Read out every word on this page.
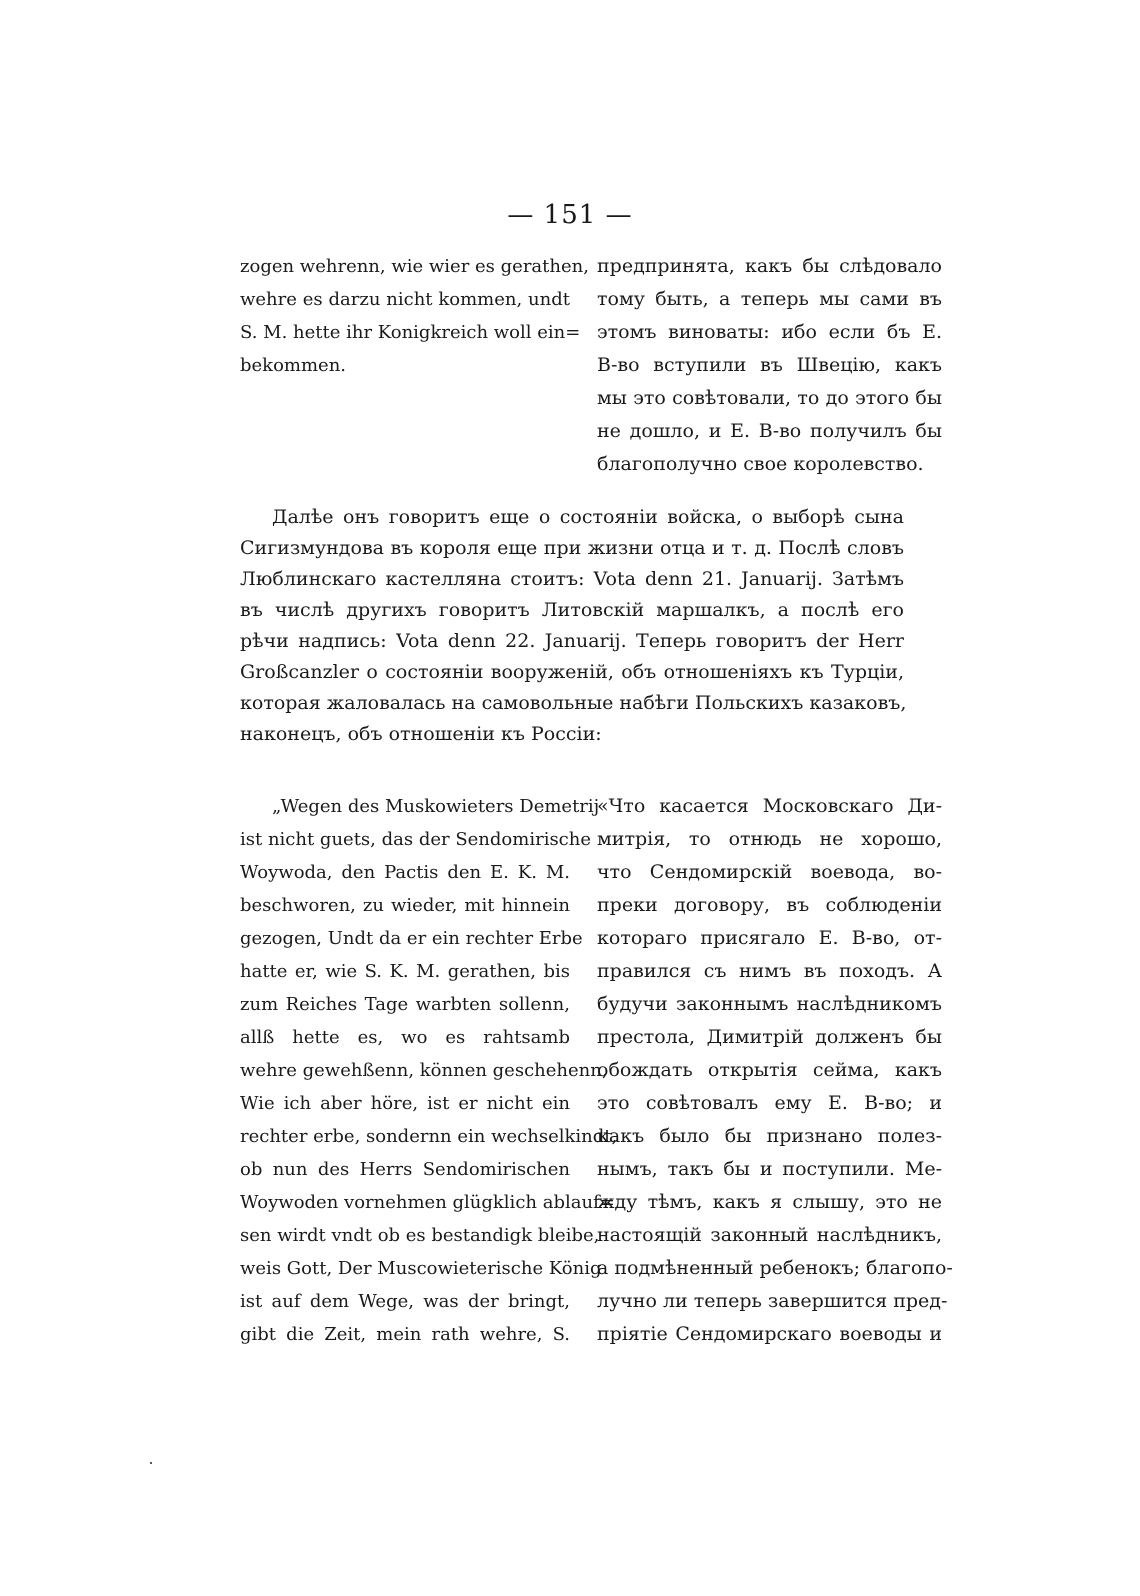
— 151 —
zogen wehrenn, wie wier es gerathen,
wehre es darzu nicht kommen, undt
S. M. hette ihr Konigkreich woll ein=
bekommen.
предпринята, какъ бы слѣдовало
тому быть, а теперь мы сами въ
этомъ виноваты: ибо если бъ Е.
В-во вступили въ Швецію, какъ
мы это совѣтовали, то до этого бы
не дошло, и Е. В-во получилъ бы
благополучно свое королевство.
Далѣе онъ говоритъ еще о состояніи войска, о выборѣ сына
Сигизмундова въ короля еще при жизни отца и т. д. Послѣ словъ
Люблинскаго кастелляна стоитъ: Vota denn 21. Januarij. Затѣмъ
въ числѣ другихъ говоритъ Литовскій маршалкъ, а послѣ его
рѣчи надпись: Vota denn 22. Januarij. Теперь говоритъ der Herr
Großcanzler о состояніи вооруженій, объ отношеніяхъ къ Турціи,
которая жаловалась на самовольные набѣги Польскихъ казаковъ,
наконецъ, объ отношеніи къ Россіи:
„Wegen des Muskowieters Demetrij
ist nicht guets, das der Sendomirische
Woywoda, den Pactis den E. K. M.
beschworen, zu wieder, mit hinnein
gezogen, Undt da er ein rechter Erbe
hatte er, wie S. K. M. gerathen, bis
zum Reiches Tage warbten sollenn,
allß hette es, wo es rahtsamb
wehre gewehßenn, können geschehenn,
Wie ich aber höre, ist er nicht ein
rechter erbe, sondernn ein wechselkindt,
ob nun des Herrs Sendomirischen
Woywoden vornehmen glügklich ablauf=
sen wirdt vndt ob es bestandigk bleibe,
weis Gott, Der Muscowieterische König
ist auf dem Wege, was der bringt,
gibt die Zeit, mein rath wehre, S.
«Что касается Московскаго Ди-
митрія, то отнюдь не хорошо,
что Сендомирскій воевода, во-
преки договору, въ соблюденіи
котораго присягало Е. В-во, от-
правился съ нимъ въ походъ. А
будучи законнымъ наслѣдникомъ
престола, Димитрій долженъ бы
обождать открытія сейма, какъ
это совѣтовалъ ему Е. В-во; и
какъ было бы признано полез-
нымъ, такъ бы и поступили. Ме-
жду тѣмъ, какъ я слышу, это не
настоящій законный наслѣдникъ,
а подмѣненный ребенокъ; благопо-
лучно ли теперь завершится пред-
пріятіе Сендомирскаго воеводы и
